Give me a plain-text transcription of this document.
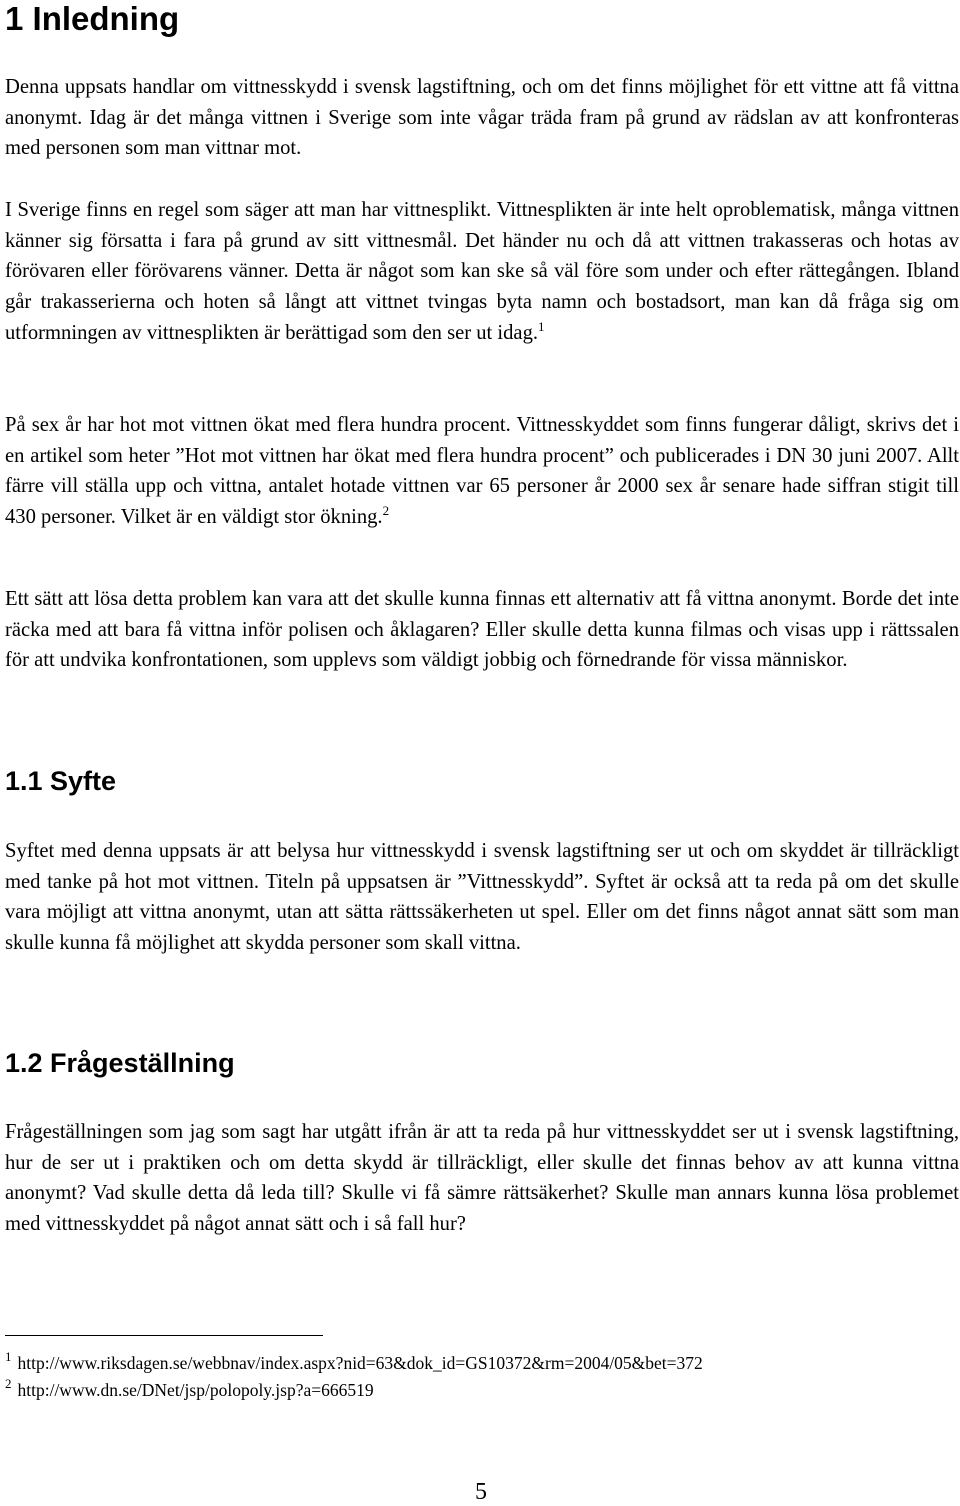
1 Inledning

Denna uppsats handlar om vittnesskydd i svensk lagstiftning, och om det finns möjlighet för ett vittne att få vittna anonymt. Idag är det många vittnen i Sverige som inte vågar träda fram på grund av rädslan av att konfronteras med personen som man vittnar mot.

I Sverige finns en regel som säger att man har vittnesplikt. Vittnesplikten är inte helt oproblematisk, många vittnen känner sig försatta i fara på grund av sitt vittnesmål. Det händer nu och då att vittnen trakasseras och hotas av förövaren eller förövarens vänner. Detta är något som kan ske så väl före som under och efter rättegången. Ibland går trakasserierna och hoten så långt att vittnet tvingas byta namn och bostadsort, man kan då fråga sig om utformningen av vittnesplikten är berättigad som den ser ut idag.$^1$

På sex år har hot mot vittnen ökat med flera hundra procent. Vittnesskyddet som finns fungerar dåligt, skrivs det i en artikel som heter ”Hot mot vittnen har ökat med flera hundra procent” och publicerades i DN 30 juni 2007. Allt färre vill ställa upp och vittna, antalet hotade vittnen var 65 personer år 2000 sex år senare hade siffran stigit till 430 personer. Vilket är en väldigt stor ökning.$^2$

Ett sätt att lösa detta problem kan vara att det skulle kunna finnas ett alternativ att få vittna anonymt. Borde det inte räcka med att bara få vittna inför polisen och åklagaren? Eller skulle detta kunna filmas och visas upp i rättssalen för att undvika konfrontationen, som upplevs som väldigt jobbig och förnedrande för vissa människor.

1.1 Syfte

Syftet med denna uppsats är att belysa hur vittnesskydd i svensk lagstiftning ser ut och om skyddet är tillräckligt med tanke på hot mot vittnen. Titeln på uppsatsen är ”Vittnesskydd”. Syftet är också att ta reda på om det skulle vara möjligt att vittna anonymt, utan att sätta rättssäkerheten ut spel. Eller om det finns något annat sätt som man skulle kunna få möjlighet att skydda personer som skall vittna.

1.2 Frågeställning

Frågeställningen som jag som sagt har utgått ifrån är att ta reda på hur vittnesskyddet ser ut i svensk lagstiftning, hur de ser ut i praktiken och om detta skydd är tillräckligt, eller skulle det finnas behov av att kunna vittna anonymt? Vad skulle detta då leda till? Skulle vi få sämre rättsäkerhet? Skulle man annars kunna lösa problemet med vittnesskyddet på något annat sätt och i så fall hur?

$^1$ http://www.riksdagen.se/webbnav/index.aspx?nid=63&dok_id=GS10372&rm=2004/05&bet=372
$^2$ http://www.dn.se/DNet/jsp/polopoly.jsp?a=666519
5
